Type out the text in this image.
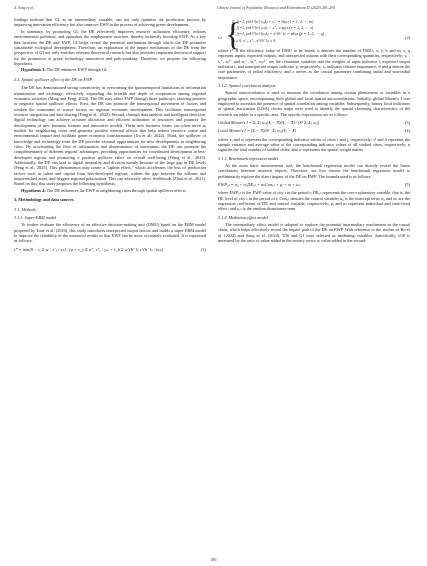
X. Song et al.	Chinese Journal of Population, Resources and Environment 23 (2025) 283–294

findings indicate that GI, as an intermediary variable, can not only optimize the production process by improving innovation efficiency but also improve EWP in the process of achieving green development.

In summary, by promoting GI, the DE effectively improves resource utilization efficiency, reduces environmental pollution, and optimizes the employment structure, thereby indirectly boosting EWP. As a key link between the DE and EWP, GI helps reveal the potential mechanism through which the DE promotes sustainable ecological development. Therefore, an exploration of the impact mechanism of the DE from the perspective of GI not only enriches relevant theoretical research but also provides important theoretical support for the promotion of green technology innovation and policymaking. Therefore, we propose the following hypothesis.

Hypothesis 3: The DE enhances EWP through GI.

2.3. Spatial spillover effect of the DE on EWP

The DE has demonstrated strong connectivity in overcoming the spatiotemporal limitations of information transmission and exchange, effectively expanding the breadth and depth of cooperation among regional economic activities (Ming and Peng, 2024). The DE may affect EWP through three pathways, showing positive or negative spatial spillover effects. First, the DE can promote the transregional movement of factors and weaken the constraints of scarce factors on regional economic development. This facilitates transregional resource integration and data sharing (Pang et al., 2022). Second, through data analysis and intelligent detection, digital technology can achieve accurate allocation and efficient utilization of resources and promote the development of new business formats and innovative models. These new business forms can often serve as models for neighboring cities and generate positive external effects that help reduce resource waste and environmental impact and facilitate green economic transformation (Xu et al., 2024). Third, the spillover of knowledge and technology from the DE provides external opportunities for new developments in neighboring cities. By accelerating the flow of information and dissemination of innovation, the DE can promote the complementarity of different regions' advantages, providing opportunities for coordinated development in less-developed regions and promoting a positive spillover effect on overall well-being (Wang et al., 2023). Additionally, the DE can lead to digital inequality and division mainly because of the large gap in DE levels (Peng et al., 2023). This phenomenon may create a "siphon effect," which accelerates the loss of production factors such as talent and capital from less-developed regions, widens the gap between the affluent and impoverished areas, and triggers regional polarization. This can adversely affect livelihoods (Zhou et al., 2021). Based on this, this study proposes the following hypothesis.

Hypothesis 4: The DE influences the EWP of neighboring cities through spatial spillover effects.

3. Methodology and data sources
3.1. Methods
3.1.1. Super-EBM model

To further evaluate the efficiency of an effective decision-making unit (DMU) based on the EBM model proposed by Tone et al. (2010), this study introduces unexpected output factors and builds a super-EBM model to improve the reliability of the measured results so that EWP can be more accurately evaluated. It is expressed as follows:

r* = min(θ − εₓ Σ w⁻ᵢ s⁻ᵢ / xᵢₖ) / (φ + ε_y Σ w⁺ᵣ s⁺ᵣ / yᵣₖ + ε_b Σ w^{b⁻}ₚ s^{b⁻}ₚ / bₚₖ)	(1)
s.t. {
Σ_{j=1, j≠k}^{n} xᵢⱼλⱼ + s⁻ᵢ = θxᵢₖ (i = 1, 2, ···, m)
Σ_{j=1, j≠k}^{n} yᵣⱼλⱼ − s⁺ᵣ ≥ φyᵣₖ (r = 1, 2, ···, s)
Σ_{j=1, j≠k}^{n} bₚⱼλⱼ + s^{b⁻}ₚ = φbₚₖ (p = 1, 2, ···, q)
λⱼ ≥ 0, s⁻ᵢ, s⁺ᵣ, s^{b⁻}ₚ ≥ 0
(2)

where r* is the efficiency value of DMU to be tested; n denotes the number of DMU; x, y, b and m, s, q represent inputs, expected outputs, and unexpected outputs with their corresponding quantities, respectively; sᵢ⁻, sᵣ⁺, sₚᵇ⁻ and wᵢ⁻, wᵣ⁺, wₚᵇ⁻ are the relaxation variables and the weights of input indicator i, expected output indicator r, and nonexpected output indicator p, respectively; λⱼ indicates relative importance; θ and φ denote the core parameters of radial efficiency; and ε serves as the crucial parameter combining radial and non-radial importance.

3.1.2. Spatial correlation analysis

Spatial autocorrelation is used to measure the correlation among certain phenomena or variables in a geographic space, encompassing both global and local spatial autocorrelations. Initially, global Moran's I was employed to ascertain the presence of spatial correlation among variables. Subsequently, binary local indicators of spatial association (LISA) cluster maps were used to identify the spatial clustering characteristics of the research variables in a specific area. The specific expressions are as follows:

Global Moran′s I = Σᵢ Σⱼ wᵢⱼ(Xᵢ − X̄)(Xⱼ − X̄) / (S² Σᵢ Σⱼ wᵢⱼ)	(3)
Local Moran′s I = (Xᵢ − X̄)/S² · Σⱼ wᵢⱼ(Xⱼ − X̄)	(4)

where xᵢ and xⱼ represent the corresponding indicator values of cities i and j, respectively; s² and x̄ represent the sample variance and average value of the corresponding indicator values of all studied cities, respectively; n signifies the total number of studied cities; and w represents the spatial weight matrix.

3.1.3. Benchmark regression model

As the most basic measurement tool, the benchmark regression model can directly reveal the linear correlations between research objects. Therefore, we first choose the benchmark regression model to preliminarily explore the direct impact of the DE on EWP. The formula used is as follows:

EWPᵢ,ₜ = α₀ + α₁DEᵢ,ₜ + αₙConᵢ,ₜ + μᵢ + σₜ + εᵢ,ₜ	(5)

where EWPᵢ,ₜ is the EWP value of city i in the period t; DEᵢ,ₜ represents the core explanatory variable, that is, the DE level of city i in the period of t; Conᵢ,ₜ denotes the control variable; α₀ is the intercept term; α₁ and αₙ are the regression coefficient of DE and control variable, respectively; μᵢ and σₜ represent individual and time-fixed effect; and εᵢ,ₜ is the random disturbance term.

3.1.4. Mediation effect model

The intermediary effect model is adopted to explore the potential intermediary mechanism in the causal chain, which helps effectively reveal the impact path of the DE on EWP. With reference to the studies of Hu et al. (2022) and Song et al. (2024), UIS and GI were selected as mediating variables. Specifically, UIS is measured by the ratio of value added in the tertiary sector to value added in the second-

286
